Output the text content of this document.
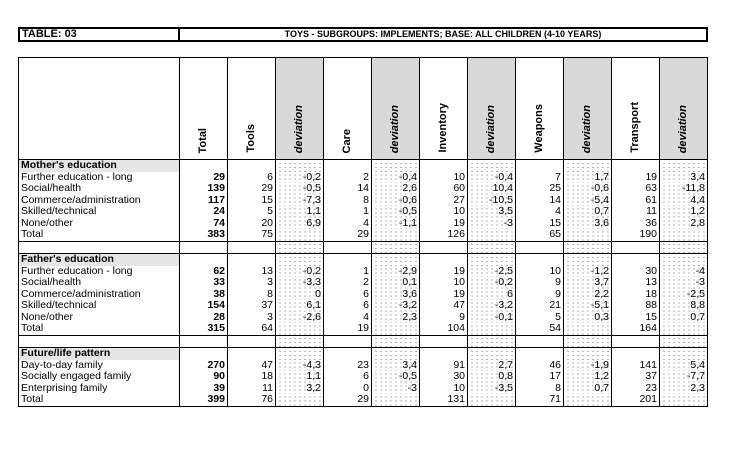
TABLE: 03	TOYS - SUBGROUPS: IMPLEMENTS; BASE: ALL CHILDREN (4-10 YEARS)
	Total	Tools	deviation	Care	deviation	Inventory	deviation	Weapons	deviation	Transport	deviation
Mother's education											
Further education - long	29	6	-0,2	2	-0,4	10	-0,4	7	1,7	19	3,4
Social/health	139	29	-0,5	14	2,6	60	10,4	25	-0,6	63	-11,8
Commerce/administration	117	15	-7,3	8	-0,6	27	-10,5	14	-5,4	61	4,4
Skilled/technical	24	5	1,1	1	-0,5	10	3,5	4	0,7	11	1,2
None/other	74	20	6,9	4	-1,1	19	-3	15	3,6	36	2,8
Total	383	75		29		126		65		190	

Father's education											
Further education - long	62	13	-0,2	1	-2,9	19	-2,5	10	-1,2	30	-4
Social/health	33	3	-3,3	2	0,1	10	-0,2	9	3,7	13	-3
Commerce/administration	38	8	0	6	3,6	19	6	9	2,2	18	-2,5
Skilled/technical	154	37	6,1	6	-3,2	47	-3,2	21	-5,1	88	8,8
None/other	28	3	-2,6	4	2,3	9	-0,1	5	0,3	15	0,7
Total	315	64		19		104		54		164	

Future/life pattern											
Day-to-day family	270	47	-4,3	23	3,4	91	2,7	46	-1,9	141	5,4
Socially engaged family	90	18	1,1	6	-0,5	30	0,8	17	1,2	37	-7,7
Enterprising family	39	11	3,2	0	-3	10	-3,5	8	0,7	23	2,3
Total	399	76		29		131		71		201	
